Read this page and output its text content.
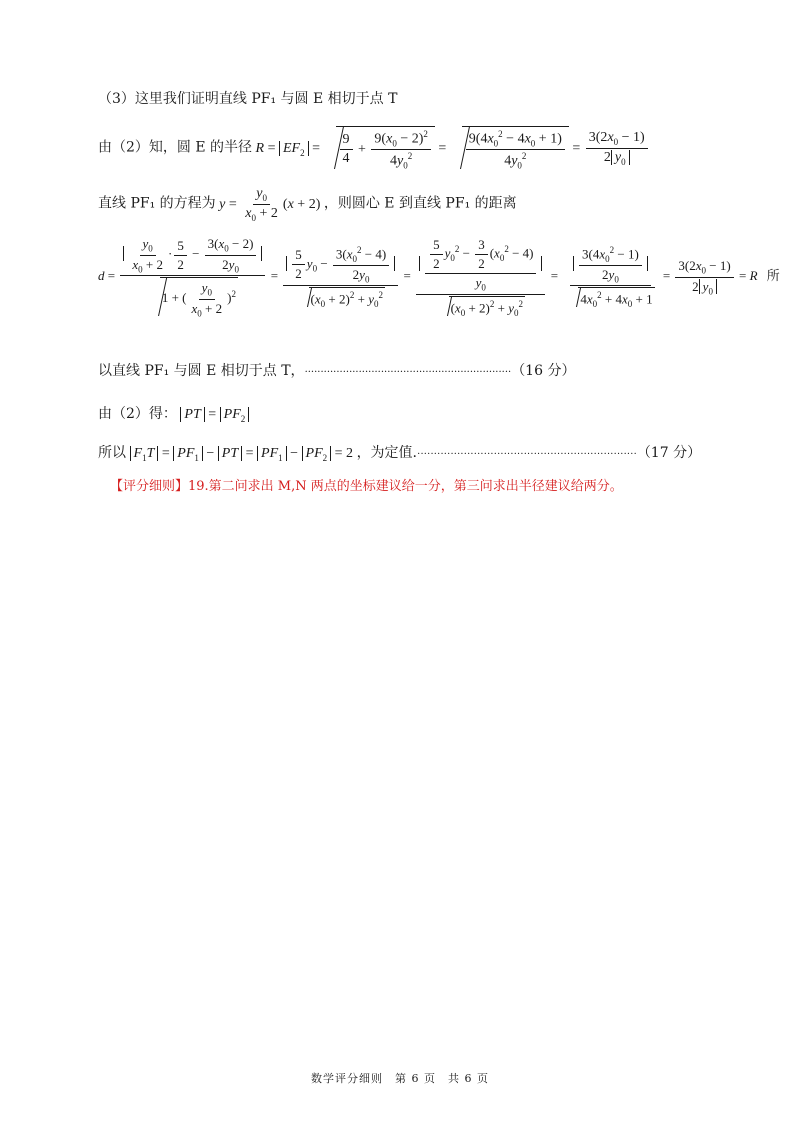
（3）这里我们证明直线 PF₁ 与圆 E 相切于点 T
由（2）知，圆 E 的半径 $R = EF_2 = \frac{9}{4} + \frac{9(x_0 - 2)^2}{4y_0^2} = \frac{9(4x_0^2 - 4x_0 + 1)}{4y_0^2} = \frac{3(2x_0 - 1)}{2 y_0}$
直线 PF₁ 的方程为 $y = \frac{y_0}{x_0 + 2} (x + 2)$ ，则圆心 E 到直线 PF₁ 的距离
$d = \frac{\frac{y_0}{x_0 + 2} \cdot \frac{5}{2} - \frac{3(x_0 - 2)}{2y_0}}{1 + ( \frac{y_0}{x_0 + 2} )^2} = \frac{\frac{5}{2} y_0 - \frac{3(x_0^2 - 4)}{2y_0}}{(x_0 + 2)^2 + y_0^2} = \frac{\frac{\frac{5}{2} y_0^2 - \frac{3}{2} (x_0^2 - 4)}{y_0}}{(x_0 + 2)^2 + y_0^2} = \frac{\frac{3(4x_0^2 - 1)}{2y_0}}{4x_0^2 + 4x_0 + 1} = \frac{3(2x_0 - 1)}{2 y_0} = R$ 所
以直线 PF₁ 与圆 E 相切于点 T，·································································（16 分）
由（2）得： PT = $PF_2$
所以 $F_1T = PF_1$ − PT = $PF_1 - PF_2 = 2$ ，为定值.··································································（17 分）
【评分细则】19.第二问求出 M,N 两点的坐标建议给一分，第三问求出半径建议给两分。
数学评分细则　第 6 页　共 6 页
